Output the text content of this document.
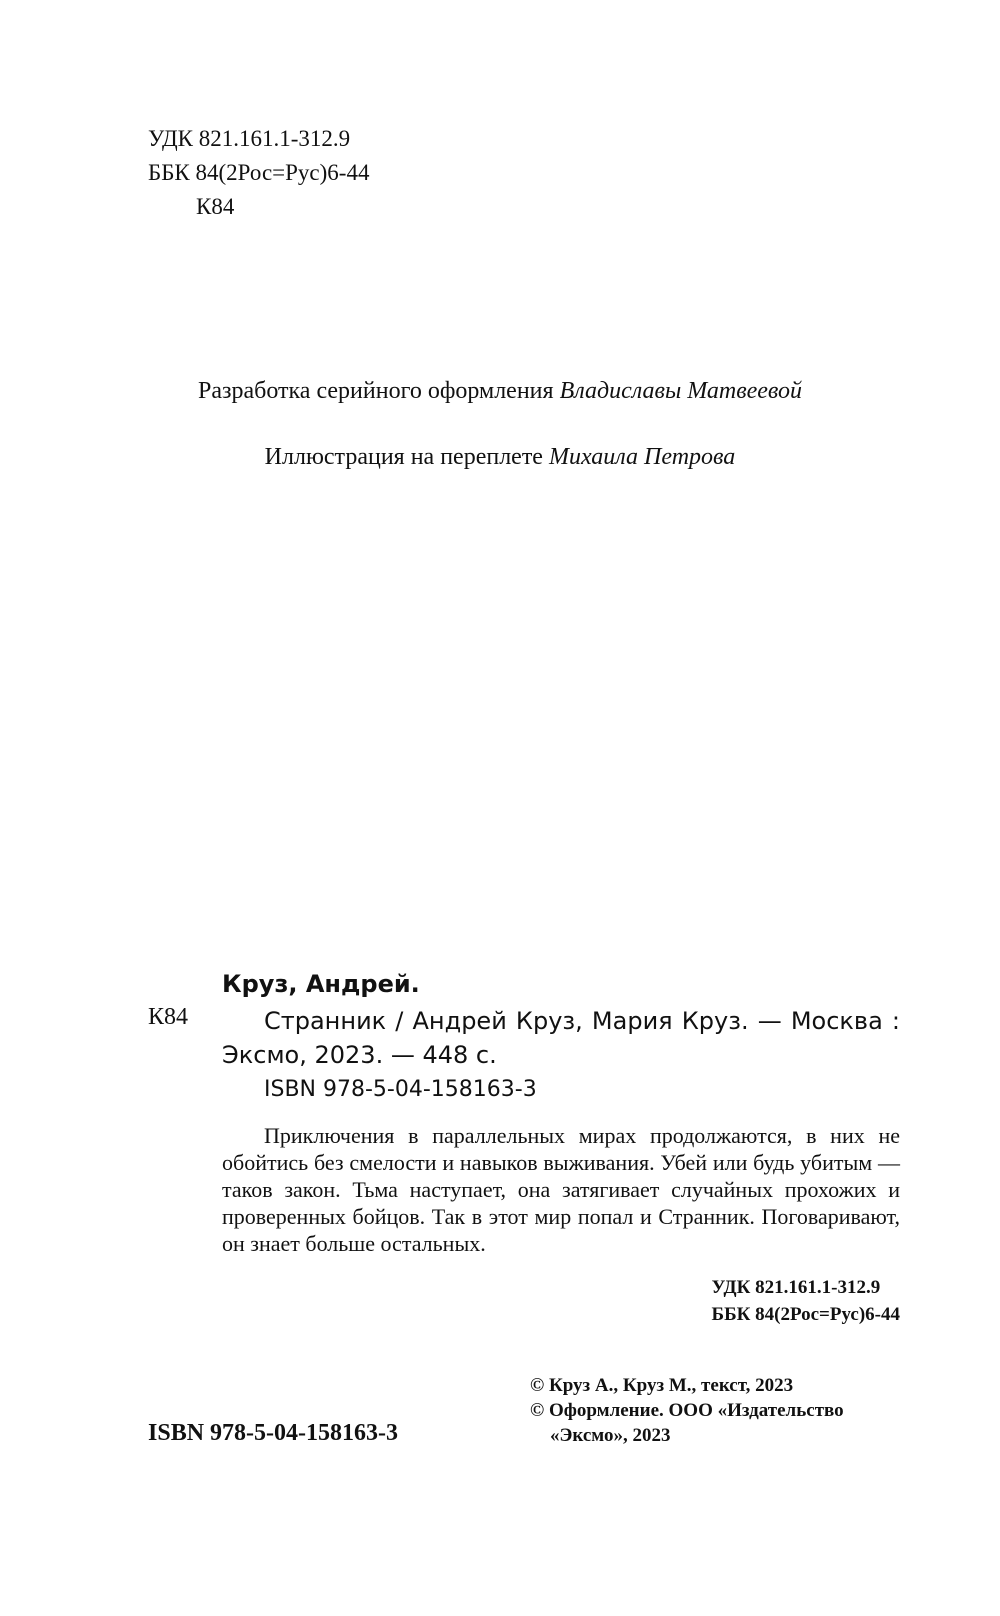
УДК 821.161.1-312.9
ББК 84(2Рос=Рус)6-44
К84
Разработка серийного оформления Владиславы Матвеевой
Иллюстрация на переплете Михаила Петрова
Круз, Андрей.
К84	Странник / Андрей Круз, Мария Круз. — Москва : Эксмо, 2023. — 448 с.
ISBN 978-5-04-158163-3
Приключения в параллельных мирах продолжаются, в них не обойтись без смелости и навыков выживания. Убей или будь убитым — таков закон. Тьма наступает, она затягивает случайных прохожих и проверенных бойцов. Так в этот мир попал и Странник. Поговаривают, он знает больше остальных.
УДК 821.161.1-312.9
ББК 84(2Рос=Рус)6-44
ISBN 978-5-04-158163-3
© Круз А., Круз М., текст, 2023
© Оформление. ООО «Издательство
«Эксмо», 2023
